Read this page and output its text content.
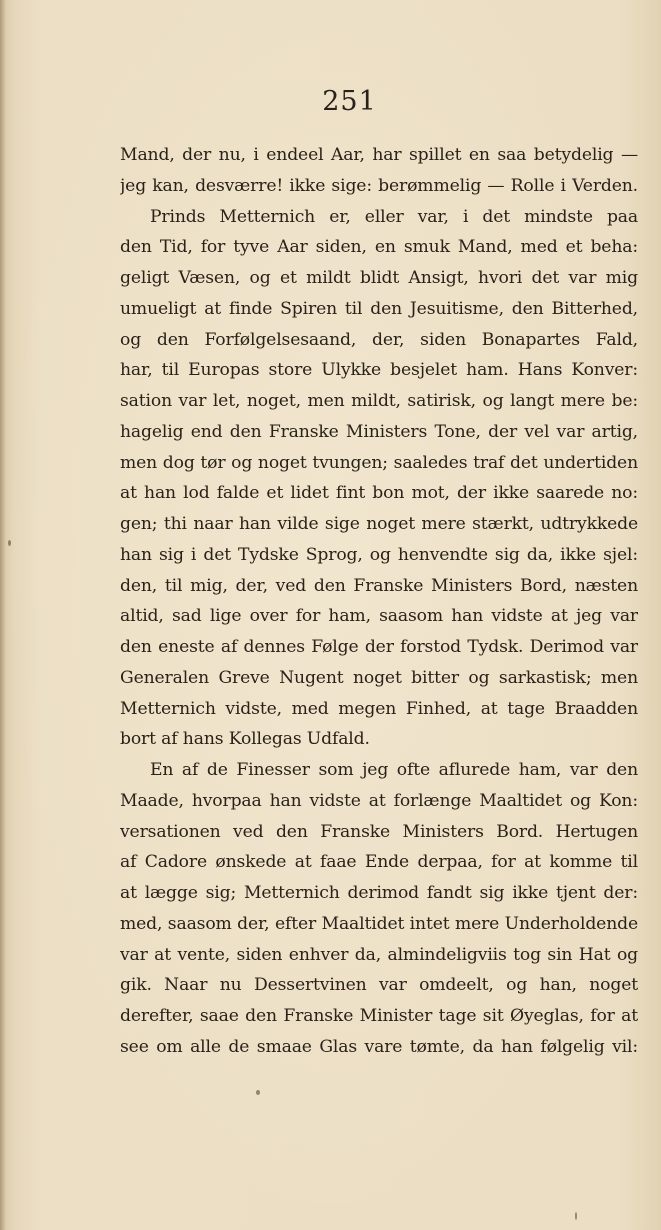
251
Mand, der nu, i endeel Aar, har spillet en saa betydelig —
jeg kan, desværre! ikke sige: berømmelig — Rolle i Verden.
Prinds Metternich er, eller var, i det mindste paa
den Tid, for tyve Aar siden, en smuk Mand, med et beha:
geligt Væsen, og et mildt blidt Ansigt, hvori det var mig
umueligt at finde Spiren til den Jesuitisme, den Bitterhed,
og den Forfølgelsesaand, der, siden Bonapartes Fald,
har, til Europas store Ulykke besjelet ham. Hans Konver:
sation var let, noget, men mildt, satirisk, og langt mere be:
hagelig end den Franske Ministers Tone, der vel var artig,
men dog tør og noget tvungen; saaledes traf det undertiden
at han lod falde et lidet fint bon mot, der ikke saarede no:
gen; thi naar han vilde sige noget mere stærkt, udtrykkede
han sig i det Tydske Sprog, og henvendte sig da, ikke sjel:
den, til mig, der, ved den Franske Ministers Bord, næsten
altid, sad lige over for ham, saasom han vidste at jeg var
den eneste af dennes Følge der forstod Tydsk. Derimod var
Generalen Greve Nugent noget bitter og sarkastisk; men
Metternich vidste, med megen Finhed, at tage Braadden
bort af hans Kollegas Udfald.
En af de Finesser som jeg ofte aflurede ham, var den
Maade, hvorpaa han vidste at forlænge Maaltidet og Kon:
versationen ved den Franske Ministers Bord. Hertugen
af Cadore ønskede at faae Ende derpaa, for at komme til
at lægge sig; Metternich derimod fandt sig ikke tjent der:
med, saasom der, efter Maaltidet intet mere Underholdende
var at vente, siden enhver da, almindeligviis tog sin Hat og
gik. Naar nu Dessertvinen var omdeelt, og han, noget
derefter, saae den Franske Minister tage sit Øyeglas, for at
see om alle de smaae Glas vare tømte, da han følgelig vil:
